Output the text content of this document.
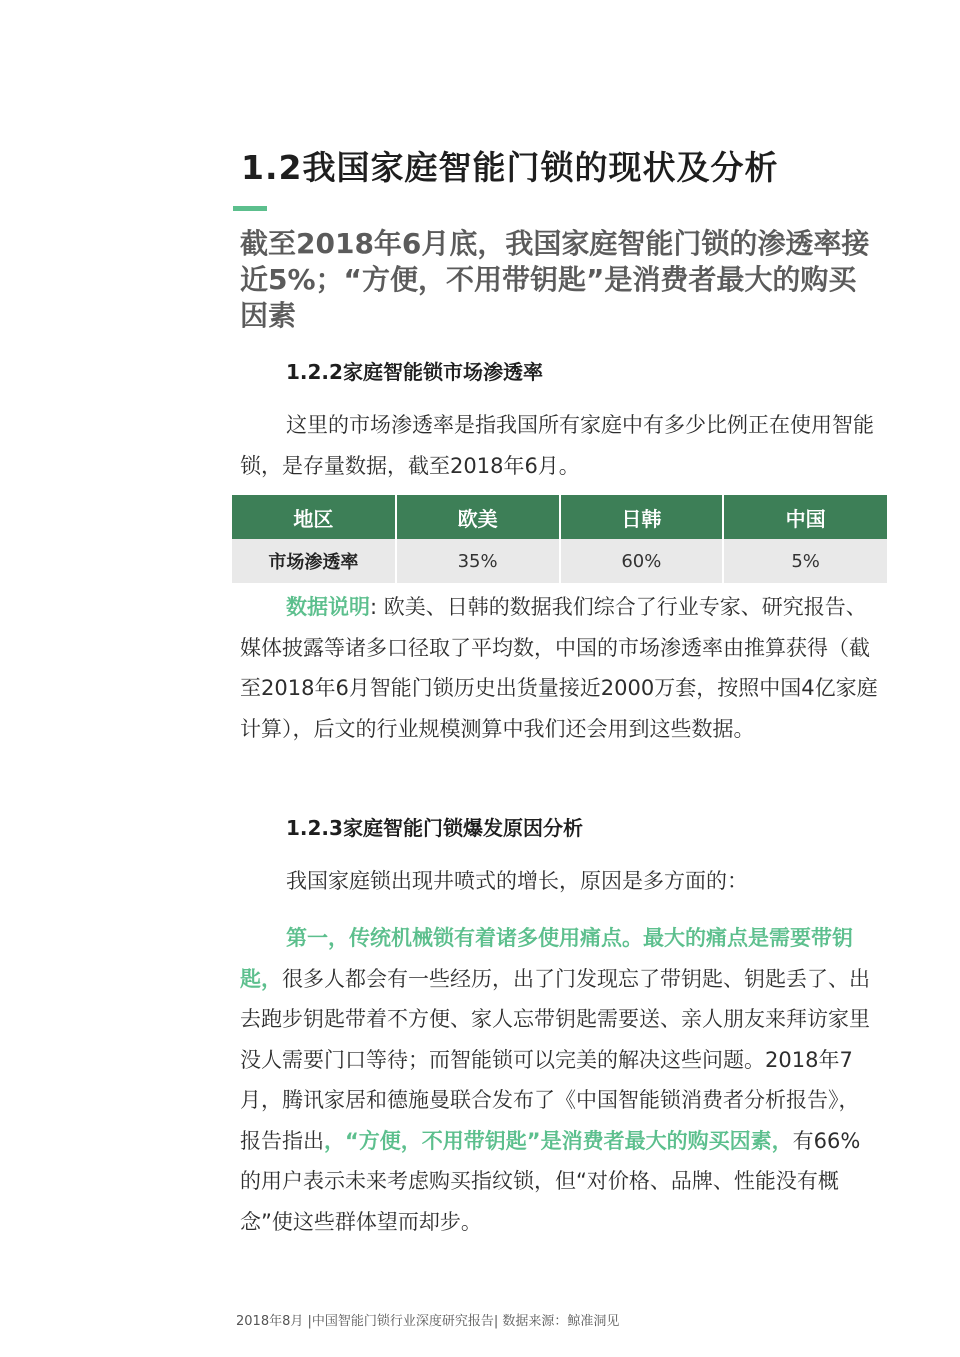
1.2我国家庭智能门锁的现状及分析
截至2018年6月底，我国家庭智能门锁的渗透率接近5%；“方便，不用带钥匙”是消费者最大的购买因素
1.2.2家庭智能锁市场渗透率

这里的市场渗透率是指我国所有家庭中有多少比例正在使用智能锁，是存量数据，截至2018年6月。

地区	欧美	日韩	中国
市场渗透率	35%	60%	5%

数据说明: 欧美、日韩的数据我们综合了行业专家、研究报告、媒体披露等诸多口径取了平均数，中国的市场渗透率由推算获得（截至2018年6月智能门锁历史出货量接近2000万套，按照中国4亿家庭计算），后文的行业规模测算中我们还会用到这些数据。

1.2.3家庭智能门锁爆发原因分析

我国家庭锁出现井喷式的增长，原因是多方面的：

第一，传统机械锁有着诸多使用痛点。最大的痛点是需要带钥匙，很多人都会有一些经历，出了门发现忘了带钥匙、钥匙丢了、出去跑步钥匙带着不方便、家人忘带钥匙需要送、亲人朋友来拜访家里没人需要门口等待；而智能锁可以完美的解决这些问题。2018年7月，腾讯家居和德施曼联合发布了《中国智能锁消费者分析报告》，报告指出，“方便，不用带钥匙”是消费者最大的购买因素，有66%的用户表示未来考虑购买指纹锁，但“对价格、品牌、性能没有概念”使这些群体望而却步。

2018年8月 |中国智能门锁行业深度研究报告| 数据来源：鲸准洞见
